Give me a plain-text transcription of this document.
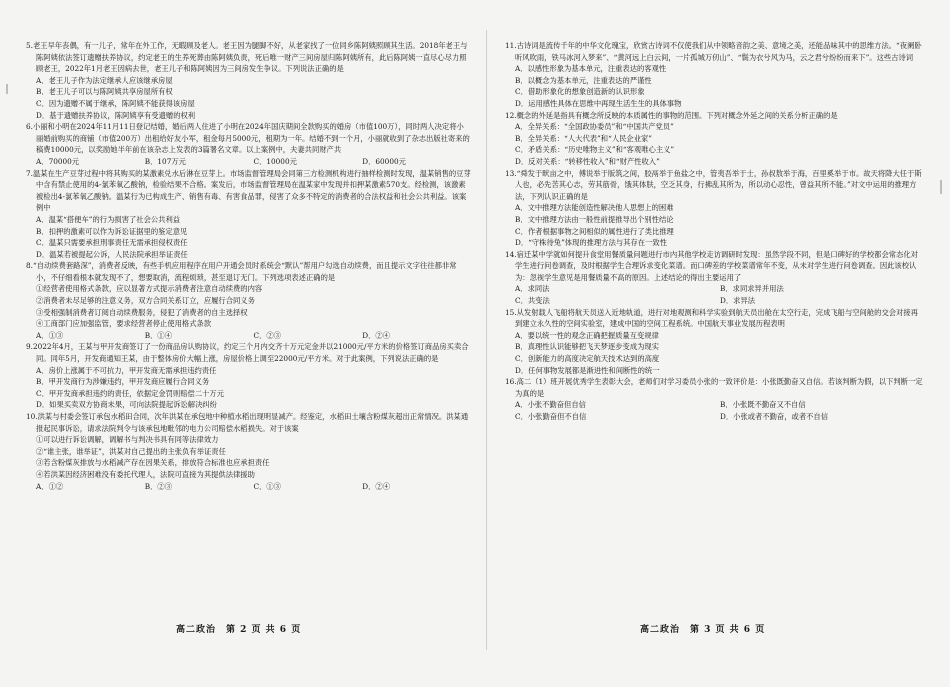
5.老王早年丧偶，有一儿子，常年在外工作，无暇顾及老人。老王因为腿脚不好，从老家找了一位同乡陈阿姨照顾其生活。2018年老王与陈阿姨依法签订遗赠扶养协议，约定老王的生养死葬由陈阿姨负责，死后唯一财产三间房屋归陈阿姨所有，此后陈阿姨一直尽心尽力照顾老王，2022年1月老王因病去世，老王儿子和陈阿姨因为三间房发生争议。下列说法正确的是
A．老王儿子作为法定继承人应该继承房屋
B．老王儿子可以与陈阿姨共享房屋所有权
C．因为遗赠不属于继承，陈阿姨不能获得该房屋
D．基于遗赠扶养协议，陈阿姨享有受遗赠的权利
6.小丽和小明在2024年11月11日登记结婚，婚后两人住进了小明在2024年国庆期间全款购买的婚房（市值100万），同时两人决定将小丽婚前购买的商铺（市值200万）出租给好友小军，租金每月5000元，租期为一年。结婚不到一个月，小丽就收到了杂志出版社寄来的稿费10000元，以奖励她半年前在该杂志上发表的3篇署名文章。以上案例中，夫妻共同财产共
A．70000元	B．107万元	C．10000元	D．60000元
7.温某在生产豆芽过程中将其购买的某激素兑水后淋在豆芽上。市场监督管理局会同第三方检测机构进行抽样检测时发现，温某销售的豆芽中含有禁止使用的4-氯苯氧乙酸钠，检验结果不合格。案发后，市场监督管理局在温某家中发现并扣押某激素570支。经检测，该激素被检出4-氯苯氧乙酸钠。温某行为已构成生产、销售有毒、有害食品罪，侵害了众多不特定的消费者的合法权益和社会公共利益。该案例中
A．温某“搭便车”的行为损害了社会公共利益
B．扣押的激素可以作为诉讼证据里的鉴定意见
C．温某只需要承担刑事责任无需承担侵权责任
D．温某若被提起公诉，人民法院承担举证责任
8.“自动续费套路深”，消费者反映，有些手机应用程序在用户开通会员时系统会“默认”帮用户勾选自动续费，而且提示文字往往都非常小，不仔细看根本就发现不了，想要取消，流程烦琐，甚至退订无门。下列选项表述正确的是
①经营者使用格式条款，应以显著方式提示消费者注意自动续费的内容
②消费者未尽足够的注意义务，双方合同关系订立，应履行合同义务
③受相强制消费者订阅自动续费服务，侵犯了消费者的自主选择权
④工商部门应加强监管，要求经营者停止使用格式条款
A．①③	B．①④	C．②③	D．②④
9.2022年4月，王某与甲开发商签订了一份商品房认购协议，约定三个月内交齐十万元定金并以21000元/平方米的价格签订商品房买卖合同。同年5月，开发商通知王某，由于整体房价大幅上涨，房屋价格上调至22000元/平方米。对于此案例，下列说法正确的是
A．房价上涨属于不可抗力，甲开发商无需承担违约责任
B．甲开发商行为涉嫌违约，甲开发商应履行合同义务
C．甲开发商承担违约的责任，依据定金罚则赔偿二十万元
D．如果买卖双方协商未果，可向法院提起诉讼解决纠纷
10.洪某与村委会签订承包水稻田合同，次年洪某在承包地中种植水稻出现明显减产。经鉴定，水稻田土壤含粉煤灰超出正常情况。洪某通报起民事诉讼，请求法院判令与该承包地毗邻的电力公司赔偿水稻损失。对于该案
①可以进行诉讼调解，调解书与判决书具有同等法律效力
②“谁主张，谁举证”，洪某对自己提出的主张负有举证责任
③若含粉煤灰排放与水稻减产存在因果关系，排放符合标准也应承担责任
④若洪某因经济困难没有委托代理人，法院可直接为其提供法律援助
A．①②	B．②③	C．①③	D．②④
11.古诗词是流传千年的中华文化瑰宝，欣赏古诗词不仅使我们从中领略音韵之美、意境之美，还能品味其中的思维方法。“夜阑卧听风吹雨，铁马冰河入梦来”、“黄河远上白云间，一片孤城万仞山”、“鬓为衣兮风为马，云之君兮纷纷而来下”。这些古诗词
A．以感性形象为基本单元，注重表达的客观性
B．以概念为基本单元，注重表达的严谨性
C．借助形象化的想象创造新的认识形象
D．运用感性具体在思维中再现生活生生的具体事物
12.概念的外延是指具有概念所反映的本质属性的事物的范围。下列对概念外延之间的关系分析正确的是
A．全异关系：“全国政协委员”和“中国共产党员”
B．全异关系：“人大代表”和“人民企业家”
C．矛盾关系：“历史唯物主义”和“客观唯心主义”
D．反对关系：“转移性收入”和“财产性收入”
13.“舜发于畎亩之中，傅说举于版筑之间，胶鬲举于鱼盐之中，管夷吾举于士，孙叔敖举于海，百里奚举于市。故天将降大任于斯人也，必先苦其心志，劳其筋骨，饿其体肤，空乏其身，行拂乱其所为，所以动心忍性，曾益其所不能。”对文中运用的推理方法，下列认识正确的是
A．文中推理方法能创造性解决他人思想上的困难
B．文中推理方法由一般性前提推导出个别性结论
C．作者根据事物之间相似的属性进行了类比推理
D．“守株待兔”体现的推理方法与其存在一致性
14.宿迁某中学就如何提升食堂用餐质量问题进行市内其他学校走访调研时发现：虽然学段不同，但是口碑好的学校都会常态化对学生进行问卷调查，及时根据学生合理诉求变化菜谱。而口碑差的学校菜谱常年不变，从未对学生进行问卷调查。因此该校认为：忽视学生意见是用餐质量不高的原因。上述结论的得出主要运用了
A．求同法	B．求同求异并用法
C．共变法	D．求异法
15.从发射载人飞船将航天员送入近地轨道，进行对地观测和科学实验到航天员出舱在太空行走，完成飞船与空间舱的交会对接再到建立永久性的空间实验室，建成中国的空间工程系统。中国航天事业发展历程表明
A．要以统一性的观念正确把握质量互变规律
B．真理性认识能够把飞天梦逐步变成为现实
C．创新能力的高度决定航天技术达到的高度
D．任何事物发展都是渐进性和间断性的统一
16.高二（1）班开展优秀学生表彰大会，老师们对学习委员小张的一致评价是：小张既勤奋又自信。若该判断为假，以下判断一定为真的是
A．小张不勤奋但自信	B．小张既不勤奋又不自信
C．小张勤奋但不自信	D．小张或者不勤奋，或者不自信
高二政治　第 2 页 共 6 页	高二政治　第 3 页 共 6 页
